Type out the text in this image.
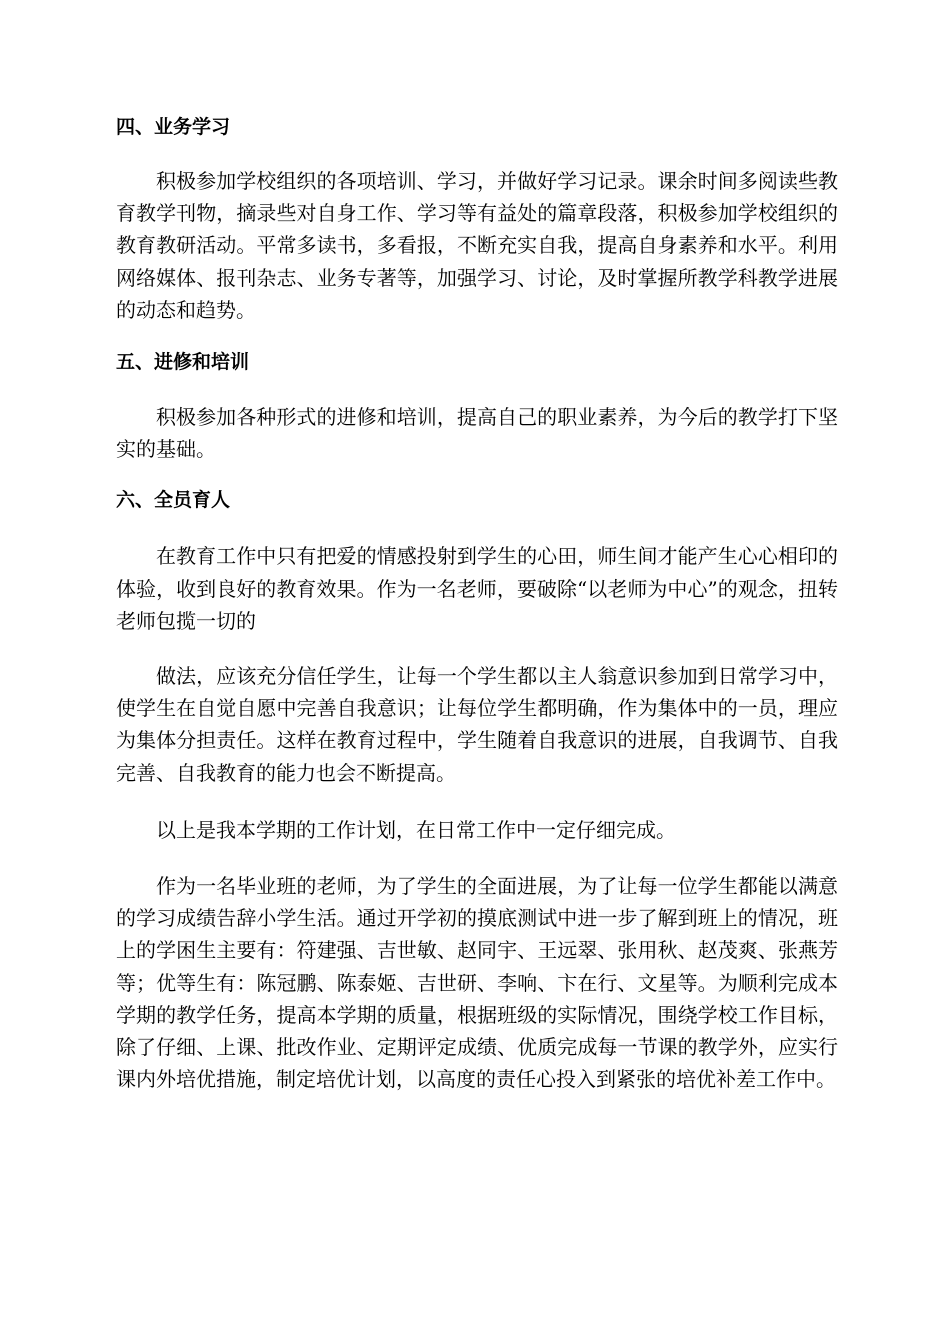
四、业务学习

积极参加学校组织的各项培训、学习，并做好学习记录。课余时间多阅读些教育教学刊物，摘录些对自身工作、学习等有益处的篇章段落，积极参加学校组织的教育教研活动。平常多读书，多看报，不断充实自我，提高自身素养和水平。利用网络媒体、报刊杂志、业务专著等，加强学习、讨论，及时掌握所教学科教学进展的动态和趋势。

五、进修和培训

积极参加各种形式的进修和培训，提高自己的职业素养，为今后的教学打下坚实的基础。

六、全员育人

在教育工作中只有把爱的情感投射到学生的心田，师生间才能产生心心相印的体验，收到良好的教育效果。作为一名老师，要破除“以老师为中心”的观念，扭转老师包揽一切的

做法，应该充分信任学生，让每一个学生都以主人翁意识参加到日常学习中，使学生在自觉自愿中完善自我意识；让每位学生都明确，作为集体中的一员，理应为集体分担责任。这样在教育过程中，学生随着自我意识的进展，自我调节、自我完善、自我教育的能力也会不断提高。

以上是我本学期的工作计划，在日常工作中一定仔细完成。

作为一名毕业班的老师，为了学生的全面进展，为了让每一位学生都能以满意的学习成绩告辞小学生活。通过开学初的摸底测试中进一步了解到班上的情况，班上的学困生主要有：符建强、吉世敏、赵同宇、王远翠、张用秋、赵茂爽、张燕芳等；优等生有：陈冠鹏、陈泰姬、吉世研、李响、卞在行、文星等。为顺利完成本学期的教学任务，提高本学期的质量，根据班级的实际情况，围绕学校工作目标，除了仔细、上课、批改作业、定期评定成绩、优质完成每一节课的教学外，应实行课内外培优措施，制定培优计划，以高度的责任心投入到紧张的培优补差工作中。
